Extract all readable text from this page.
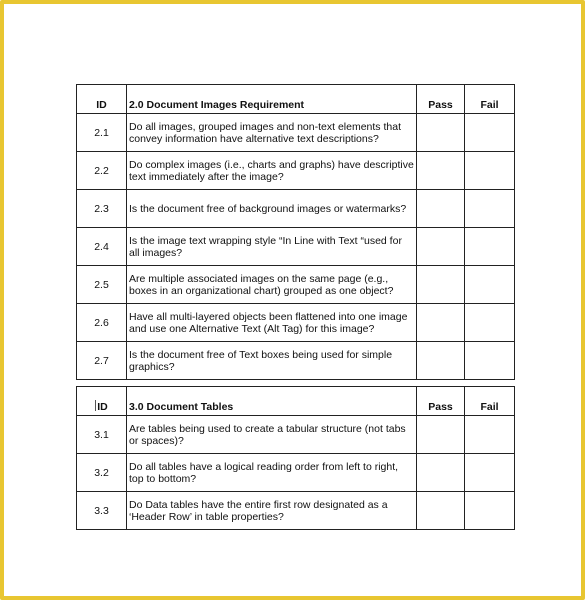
ID	2.0 Document Images Requirement	Pass	Fail
2.1	Do all images, grouped images and non-text elements that convey information have alternative text descriptions?		
2.2	Do complex images (i.e., charts and graphs) have descriptive text immediately after the image?		
2.3	Is the document free of background images or watermarks?		
2.4	Is the image text wrapping style “In Line with Text “used for all images?		
2.5	Are multiple associated images on the same page (e.g., boxes in an organizational chart) grouped as one object?		
2.6	Have all multi-layered objects been flattened into one image and use one Alternative Text (Alt Tag) for this image?		
2.7	Is the document free of Text boxes being used for simple graphics?		
ID	3.0 Document Tables	Pass	Fail
3.1	Are tables being used to create a tabular structure (not tabs or spaces)?		
3.2	Do all tables have a logical reading order from left to right, top to bottom?		
3.3	Do Data tables have the entire first row designated as a ‘Header Row’ in table properties?		
